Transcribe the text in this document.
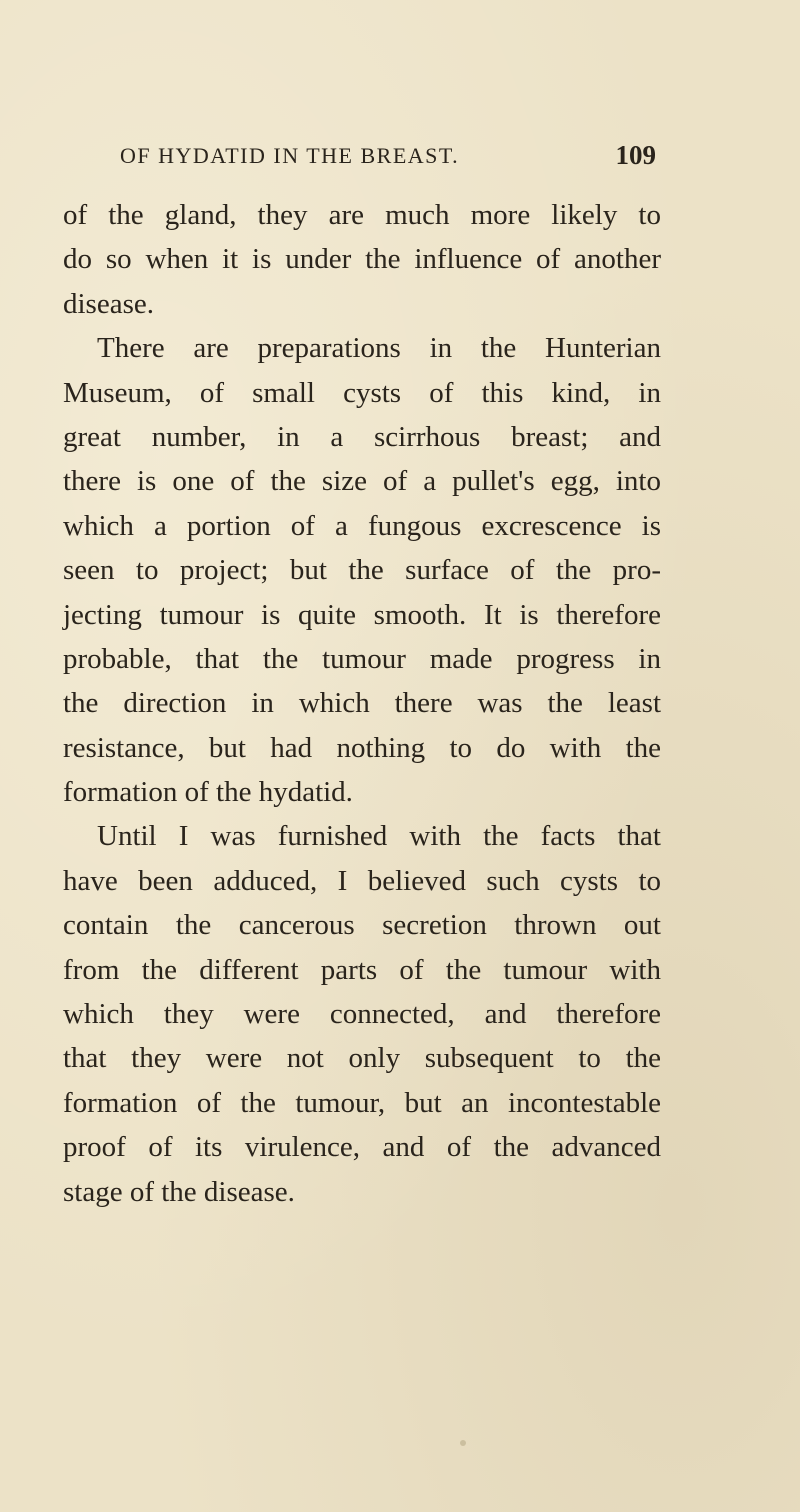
OF HYDATID IN THE BREAST.	109
of the gland, they are much more likely to
do so when it is under the influence of another
disease.
There are preparations in the Hunterian
Museum, of small cysts of this kind, in
great number, in a scirrhous breast; and
there is one of the size of a pullet's egg, into
which a portion of a fungous excrescence is
seen to project; but the surface of the pro-
jecting tumour is quite smooth. It is therefore
probable, that the tumour made progress in
the direction in which there was the least
resistance, but had nothing to do with the
formation of the hydatid.
Until I was furnished with the facts that
have been adduced, I believed such cysts to
contain the cancerous secretion thrown out
from the different parts of the tumour with
which they were connected, and therefore
that they were not only subsequent to the
formation of the tumour, but an incontestable
proof of its virulence, and of the advanced
stage of the disease.
